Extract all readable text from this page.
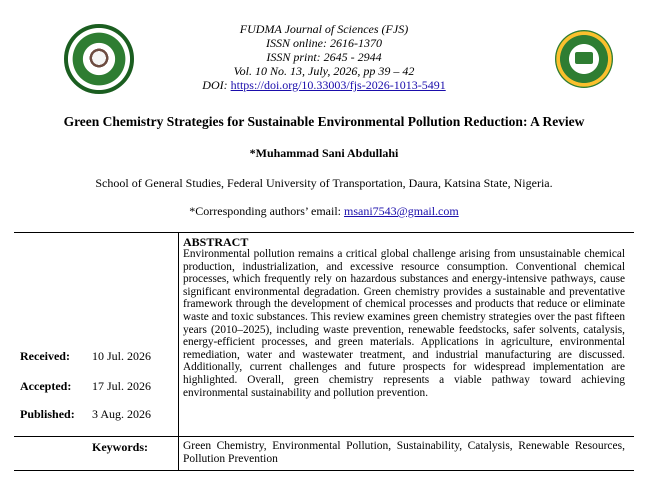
FUDMA Journal of Sciences (FJS)
ISSN online: 2616-1370
ISSN print: 2645 - 2944
Vol. 10 No. 13, July, 2026, pp 39 – 42
DOI: https://doi.org/10.33003/fjs-2026-1013-5491
Green Chemistry Strategies for Sustainable Environmental Pollution Reduction: A Review
*Muhammad Sani Abdullahi
School of General Studies, Federal University of Transportation, Daura, Katsina State, Nigeria.
*Corresponding authors’ email: msani7543@gmail.com
Received: 10 Jul. 2026
Accepted: 17 Jul. 2026
Published: 3 Aug. 2026
ABSTRACT
Environmental pollution remains a critical global challenge arising from unsustainable chemical production, industrialization, and excessive resource consumption. Conventional chemical processes, which frequently rely on hazardous substances and energy-intensive pathways, cause significant environmental degradation. Green chemistry provides a sustainable and preventative framework through the development of chemical processes and products that reduce or eliminate waste and toxic substances. This review examines green chemistry strategies over the past fifteen years (2010–2025), including waste prevention, renewable feedstocks, safer solvents, catalysis, energy-efficient processes, and green materials. Applications in agriculture, environmental remediation, water and wastewater treatment, and industrial manufacturing are discussed. Additionally, current challenges and future prospects for widespread implementation are highlighted. Overall, green chemistry represents a viable pathway toward achieving environmental sustainability and pollution prevention.
Keywords:	Green Chemistry, Environmental Pollution, Sustainability, Catalysis, Renewable Resources, Pollution Prevention
